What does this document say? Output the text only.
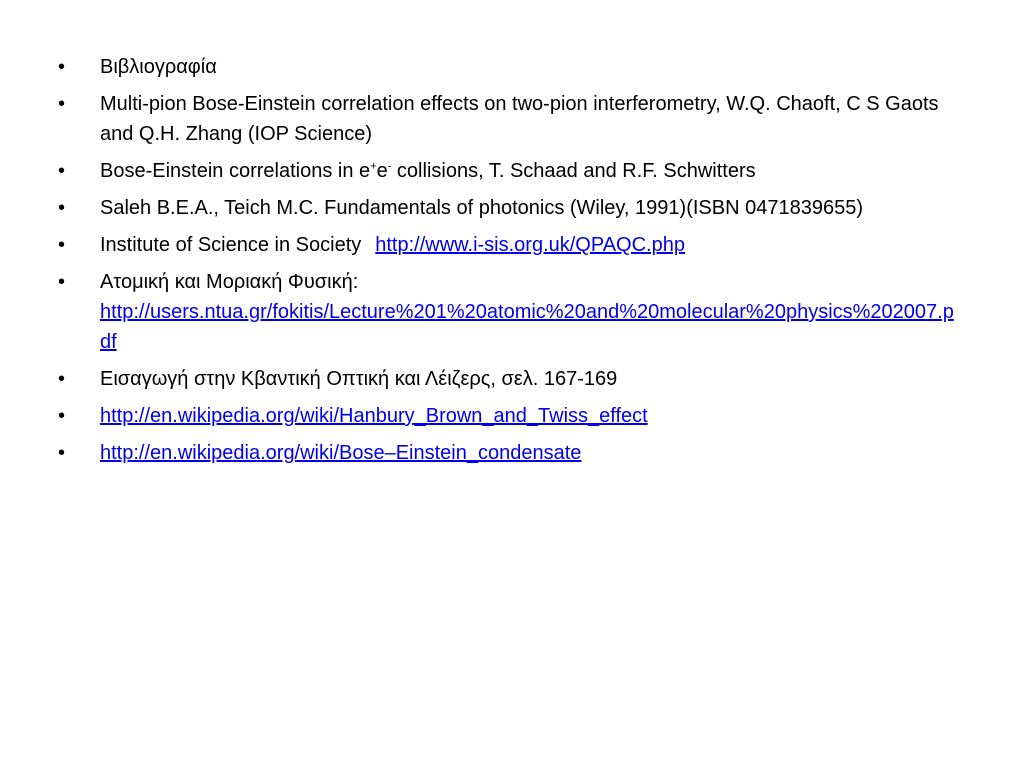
•	Βιβλιογραφία
•	Multi-pion Bose-Einstein correlation effects on two-pion interferometry, W.Q. Chaoft, C S Gaots and Q.H. Zhang (IOP Science)
•	Bose-Einstein correlations in e+e- collisions, T. Schaad and R.F. Schwitters
•	Saleh B.E.A., Teich M.C. Fundamentals of photonics (Wiley, 1991)(ISBN 0471839655)
•	Institute of Science in Society http://www.i-sis.org.uk/QPAQC.php
•	Ατομική και Μοριακή Φυσική:
http://users.ntua.gr/fokitis/Lecture%201%20atomic%20and%20molecular%20physics%202007.pdf
•	Εισαγωγή στην Κβαντική Οπτική και Λέιζερς, σελ. 167-169
•	http://en.wikipedia.org/wiki/Hanbury_Brown_and_Twiss_effect
•	http://en.wikipedia.org/wiki/Bose–Einstein_condensate
